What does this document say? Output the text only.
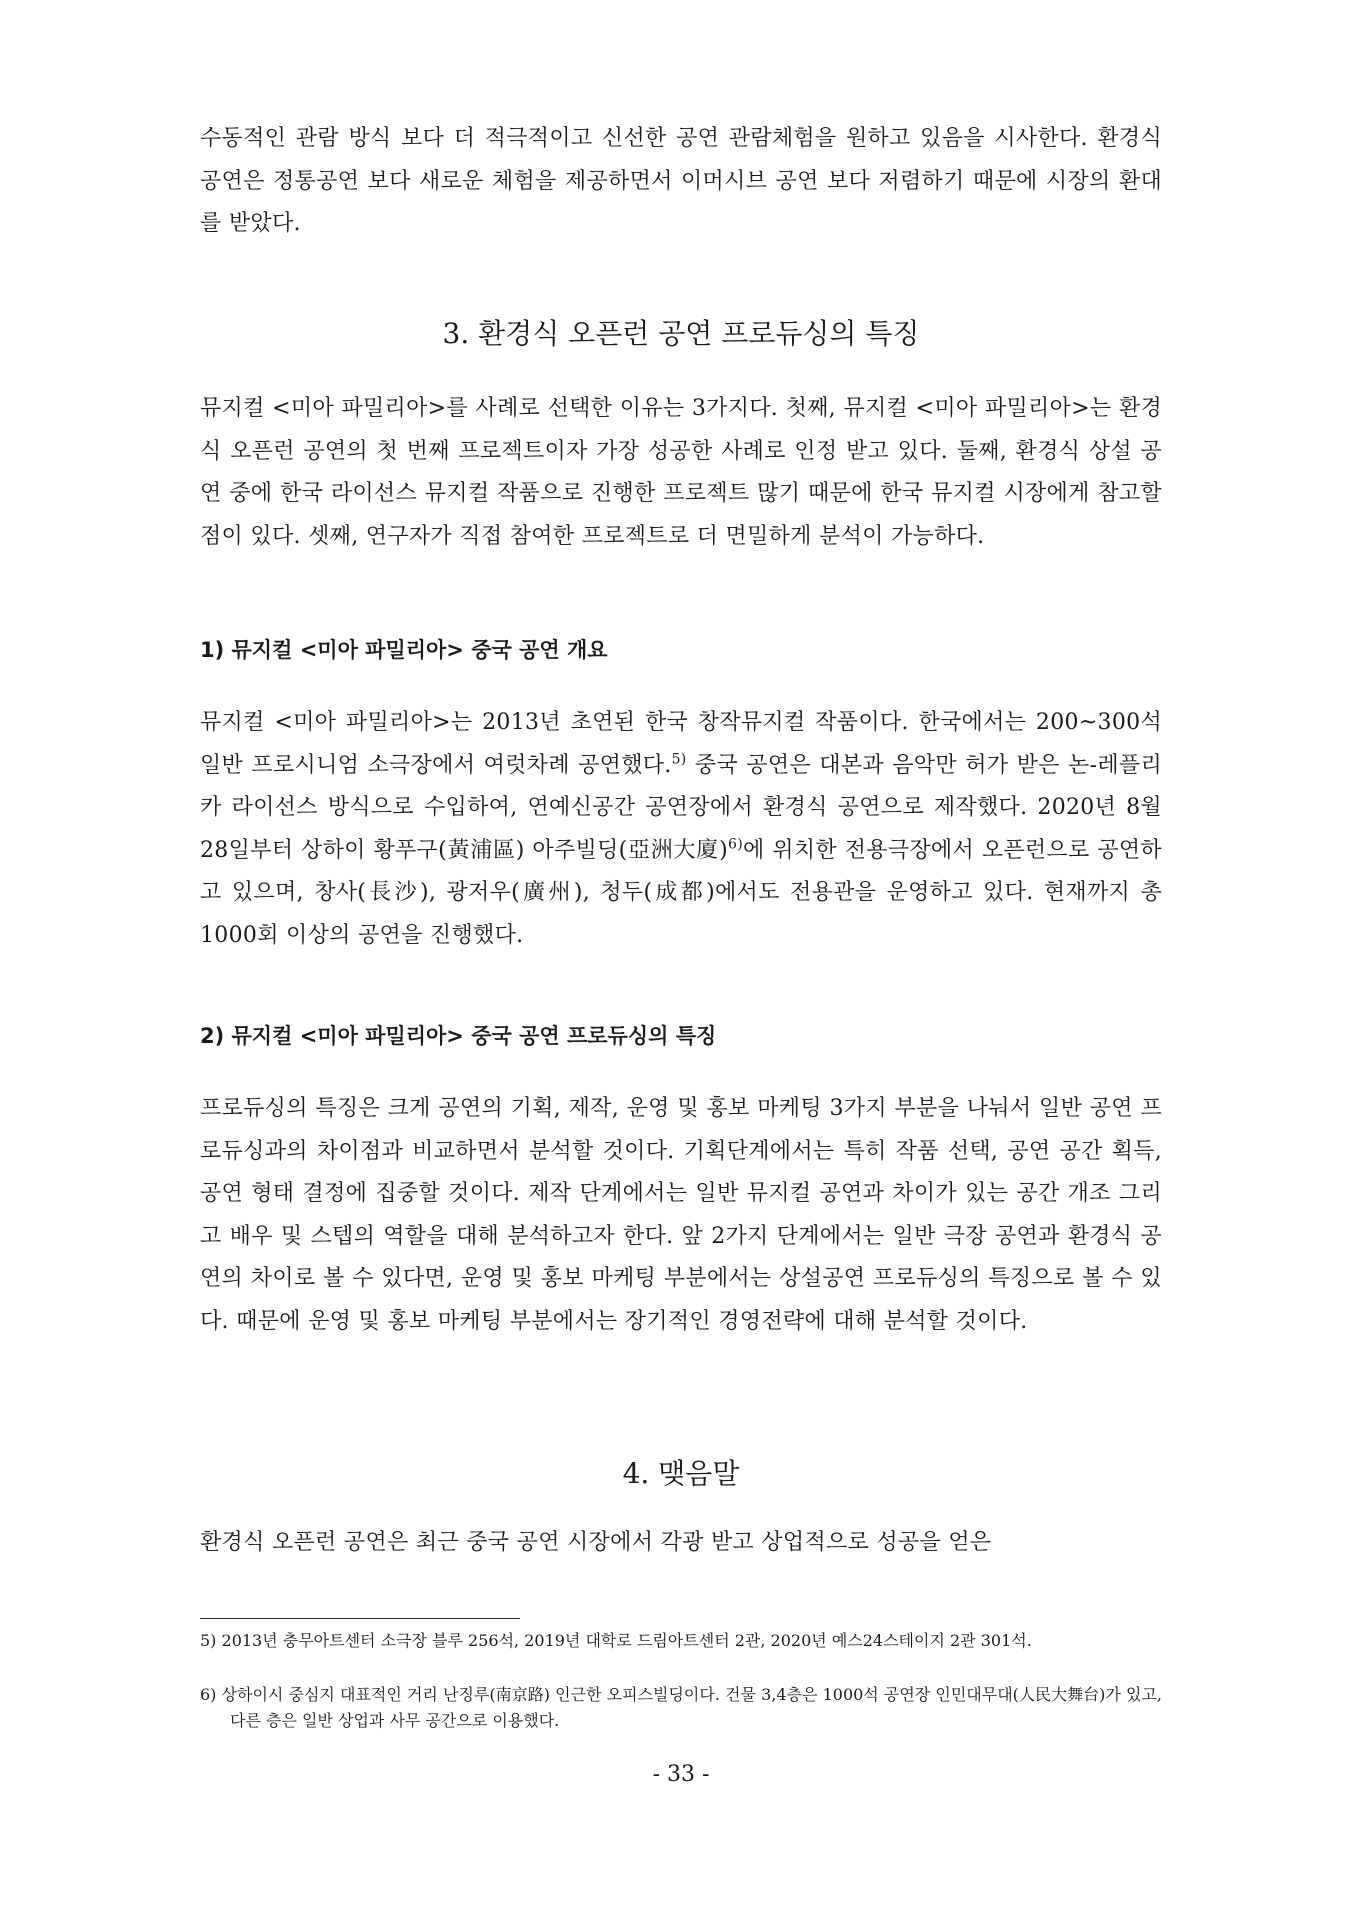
수동적인 관람 방식 보다 더 적극적이고 신선한 공연 관람체험을 원하고 있음을 시사한다. 환경식 공연은 정통공연 보다 새로운 체험을 제공하면서 이머시브 공연 보다 저렴하기 때문에 시장의 환대를 받았다.

3. 환경식 오픈런 공연 프로듀싱의 특징

뮤지컬 <미아 파밀리아>를 사례로 선택한 이유는 3가지다. 첫째, 뮤지컬 <미아 파밀리아>는 환경식 오픈런 공연의 첫 번째 프로젝트이자 가장 성공한 사례로 인정 받고 있다. 둘째, 환경식 상설 공연 중에 한국 라이선스 뮤지컬 작품으로 진행한 프로젝트 많기 때문에 한국 뮤지컬 시장에게 참고할 점이 있다. 셋째, 연구자가 직접 참여한 프로젝트로 더 면밀하게 분석이 가능하다.

1) 뮤지컬 <미아 파밀리아> 중국 공연 개요

뮤지컬 <미아 파밀리아>는 2013년 초연된 한국 창작뮤지컬 작품이다. 한국에서는 200~300석 일반 프로시니엄 소극장에서 여럿차례 공연했다.$^{5)}$ 중국 공연은 대본과 음악만 허가 받은 논-레플리카 라이선스 방식으로 수입하여, 연예신공간 공연장에서 환경식 공연으로 제작했다. 2020년 8월 28일부터 상하이 황푸구(黃浦區) 아주빌딩(亞洲大廈)$^{6)}$에 위치한 전용극장에서 오픈런으로 공연하고 있으며, 창사(長沙), 광저우(廣州), 청두(成都)에서도 전용관을 운영하고 있다. 현재까지 총 1000회 이상의 공연을 진행했다.

2) 뮤지컬 <미아 파밀리아> 중국 공연 프로듀싱의 특징

프로듀싱의 특징은 크게 공연의 기획, 제작, 운영 및 홍보 마케팅 3가지 부분을 나눠서 일반 공연 프로듀싱과의 차이점과 비교하면서 분석할 것이다. 기획단계에서는 특히 작품 선택, 공연 공간 획득, 공연 형태 결정에 집중할 것이다. 제작 단계에서는 일반 뮤지컬 공연과 차이가 있는 공간 개조 그리고 배우 및 스텝의 역할을 대해 분석하고자 한다. 앞 2가지 단계에서는 일반 극장 공연과 환경식 공연의 차이로 볼 수 있다면, 운영 및 홍보 마케팅 부분에서는 상설공연 프로듀싱의 특징으로 볼 수 있다. 때문에 운영 및 홍보 마케팅 부분에서는 장기적인 경영전략에 대해 분석할 것이다.

4. 맺음말

환경식 오픈런 공연은 최근 중국 공연 시장에서 각광 받고 상업적으로 성공을 얻은

5) 2013년 충무아트센터 소극장 블루 256석, 2019년 대학로 드림아트센터 2관, 2020년 예스24스테이지 2관 301석.

6) 상하이시 중심지 대표적인 거리 난징루(南京路) 인근한 오피스빌딩이다. 건물 3,4층은 1000석 공연장 인민대무대(人民大舞台)가 있고, 다른 층은 일반 상업과 사무 공간으로 이용했다.

- 33 -
